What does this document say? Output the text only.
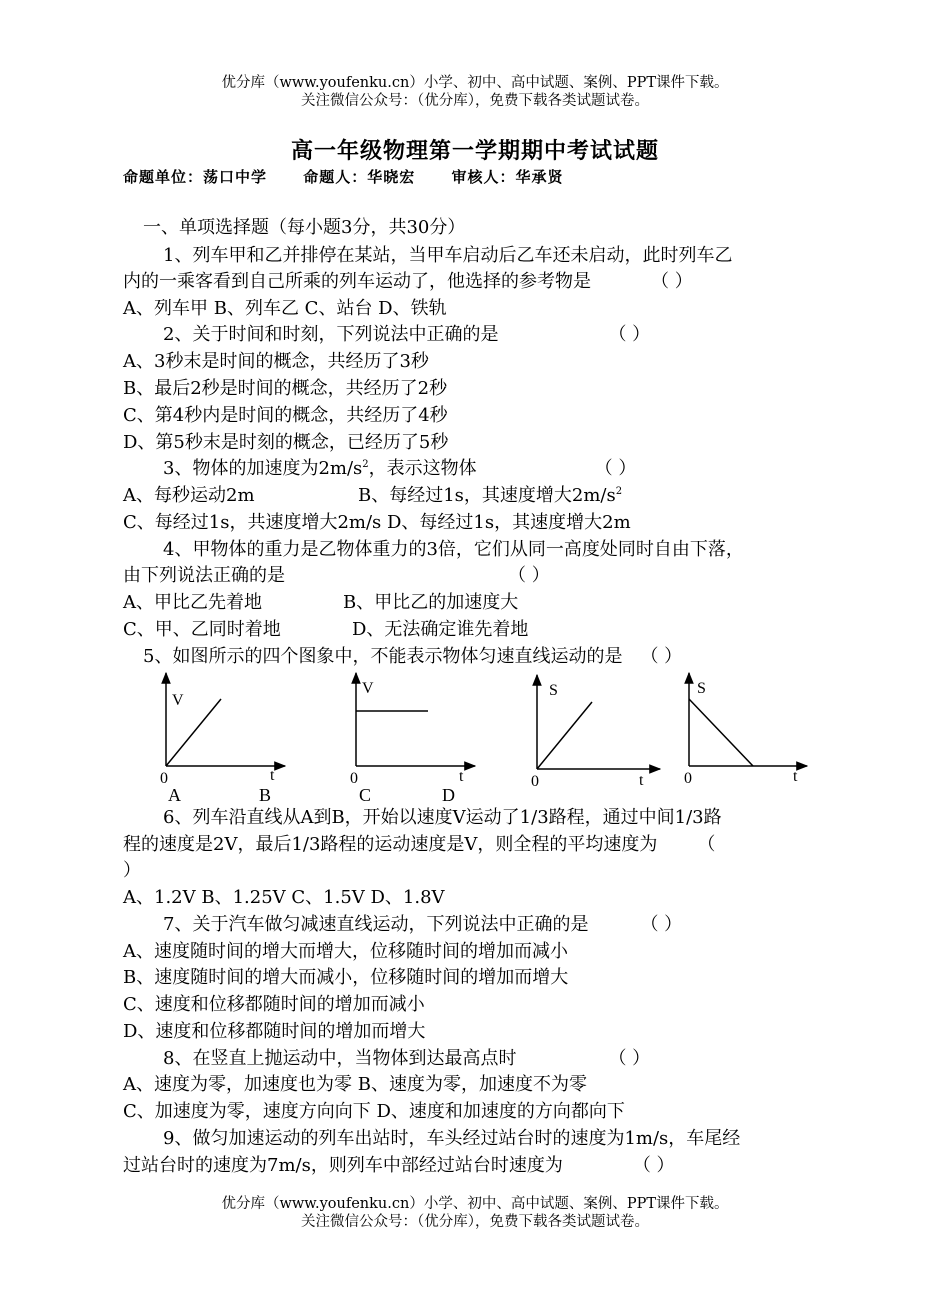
优分库（www.youfenku.cn）小学、初中、高中试题、案例、PPT课件下载。
关注微信公众号：（优分库），免费下载各类试题试卷。
高一年级物理第一学期期中考试试题
命题单位：荡口中学 命题人：华晓宏 审核人：华承贤
一、单项选择题（每小题3分，共30分）
1、列车甲和乙并排停在某站，当甲车启动后乙车还未启动，此时列车乙
内的一乘客看到自己所乘的列车运动了，他选择的参考物是	（ ）
A、列车甲 B、列车乙 C、站台 D、铁轨
2、关于时间和时刻，下列说法中正确的是	（ ）
A、3秒末是时间的概念，共经历了3秒
B、最后2秒是时间的概念，共经历了2秒
C、第4秒内是时间的概念，共经历了4秒
D、第5秒末是时刻的概念，已经历了5秒
3、物体的加速度为$2m/s^2$，表示这物体	（ ）
A、每秒运动2m	B、每经过1s，其速度增大$2m/s^2$
C、每经过1s，共速度增大2m/s D、每经过1s，其速度增大2m
4、甲物体的重力是乙物体重力的3倍，它们从同一高度处同时自由下落，
由下列说法正确的是	（ ）
A、甲比乙先着地	B、甲比乙的加速度大
C、甲、乙同时着地	D、无法确定谁先着地
5、如图所示的四个图象中，不能表示物体匀速直线运动的是 （ ）
V
t
0
A	B
V
t
0
C	D
S
t
0
S
t
0
6、列车沿直线从A到B，开始以速度V运动了1/3路程，通过中间1/3路
程的速度是2V，最后1/3路程的运动速度是V，则全程的平均速度为 （
）
A、1.2V B、1.25V C、1.5V D、1.8V
7、关于汽车做匀减速直线运动，下列说法中正确的是	（ ）
A、速度随时间的增大而增大，位移随时间的增加而减小
B、速度随时间的增大而减小，位移随时间的增加而增大
C、速度和位移都随时间的增加而减小
D、速度和位移都随时间的增加而增大
8、在竖直上抛运动中，当物体到达最高点时	（ ）
A、速度为零，加速度也为零 B、速度为零，加速度不为零
C、加速度为零，速度方向向下 D、速度和加速度的方向都向下
9、做匀加速运动的列车出站时，车头经过站台时的速度为1m/s，车尾经
过站台时的速度为7m/s，则列车中部经过站台时速度为	（ ）
优分库（www.youfenku.cn）小学、初中、高中试题、案例、PPT课件下载。
关注微信公众号：（优分库），免费下载各类试题试卷。
